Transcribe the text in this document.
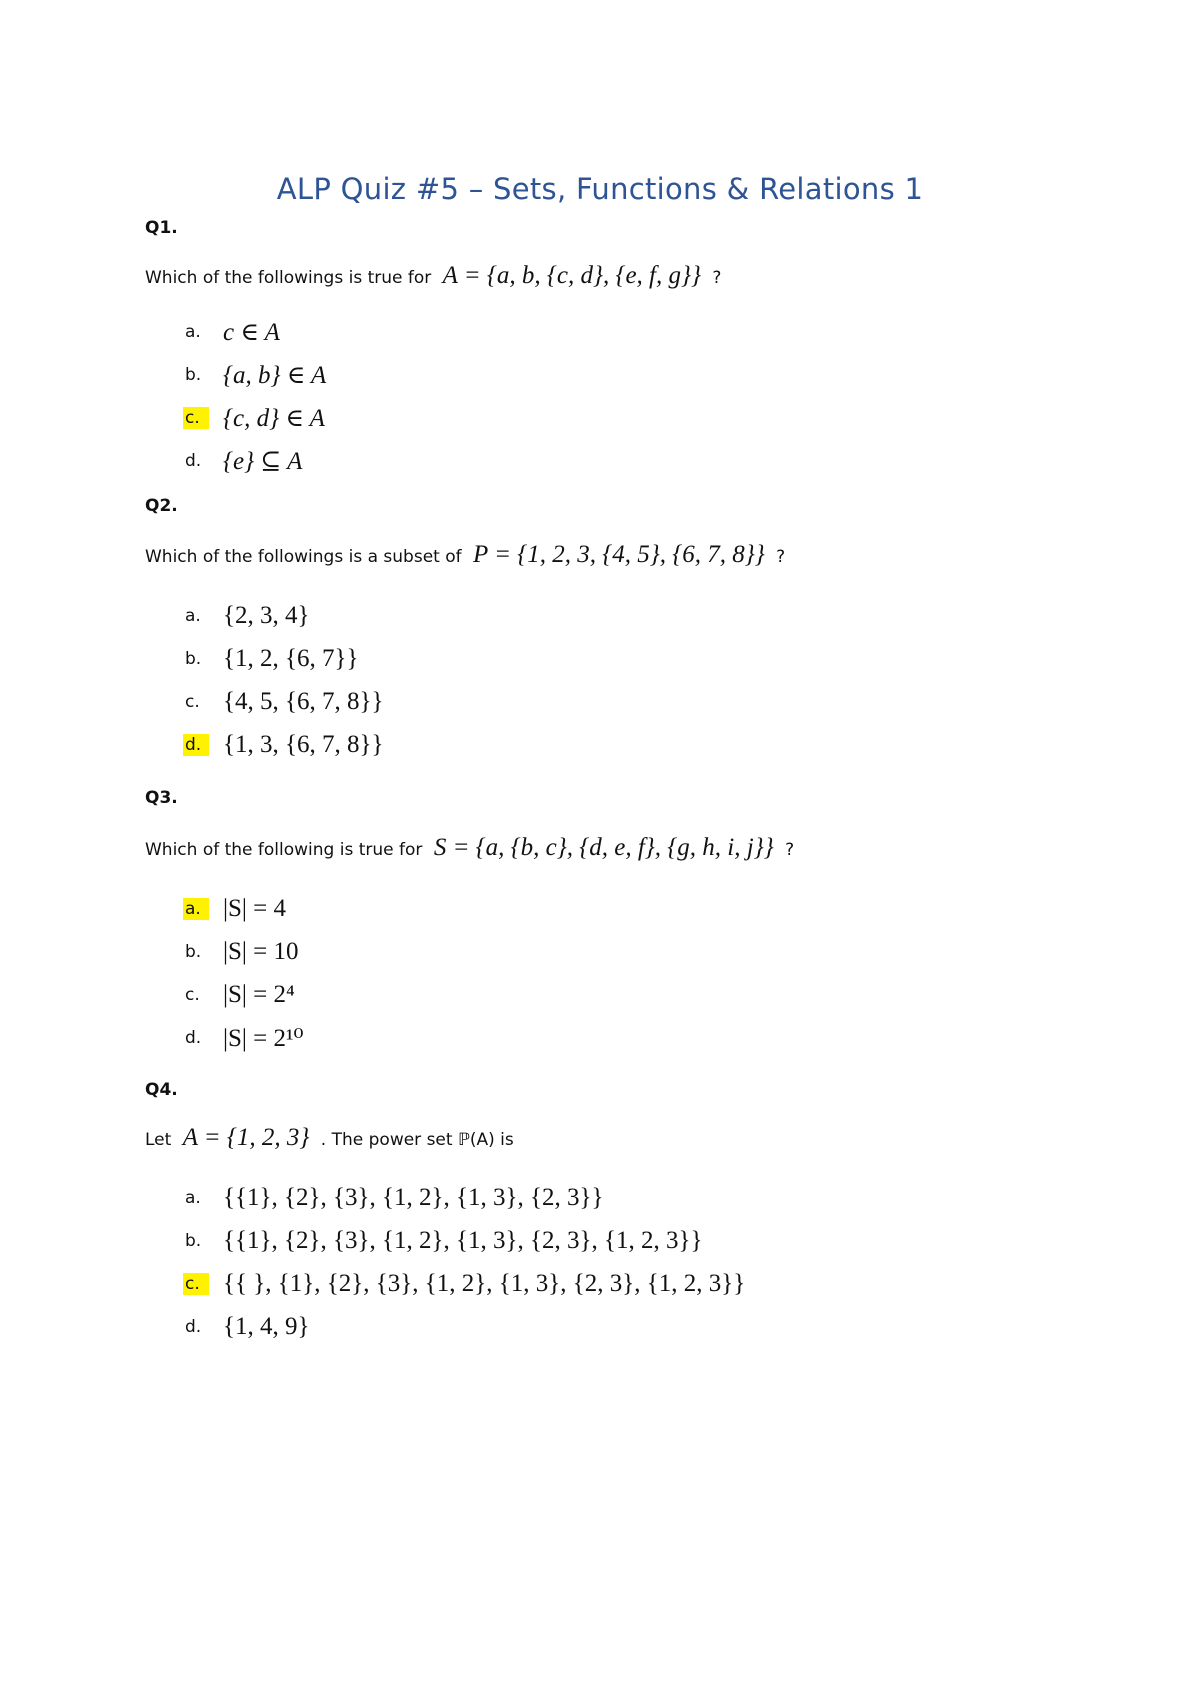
ALP Quiz #5 – Sets, Functions & Relations 1
Q1.
Which of the followings is true for A = {a, b, {c, d}, {e, f, g}} ?
a. c ∈ A
b. {a, b} ∈ A
c. {c, d} ∈ A
d. {e} ⊆ A
Q2.
Which of the followings is a subset of P = {1, 2, 3, {4, 5}, {6, 7, 8}} ?
a. {2, 3, 4}
b. {1, 2, {6, 7}}
c. {4, 5, {6, 7, 8}}
d. {1, 3, {6, 7, 8}}
Q3.
Which of the following is true for S = {a, {b, c}, {d, e, f}, {g, h, i, j}} ?
a. |S| = 4
b. |S| = 10
c. |S| = 2⁴
d. |S| = 2¹⁰
Q4.
Let A = {1, 2, 3} . The power set ℙ(A) is
a. {{1}, {2}, {3}, {1, 2}, {1, 3}, {2, 3}}
b. {{1}, {2}, {3}, {1, 2}, {1, 3}, {2, 3}, {1, 2, 3}}
c. {{ }, {1}, {2}, {3}, {1, 2}, {1, 3}, {2, 3}, {1, 2, 3}}
d. {1, 4, 9}
